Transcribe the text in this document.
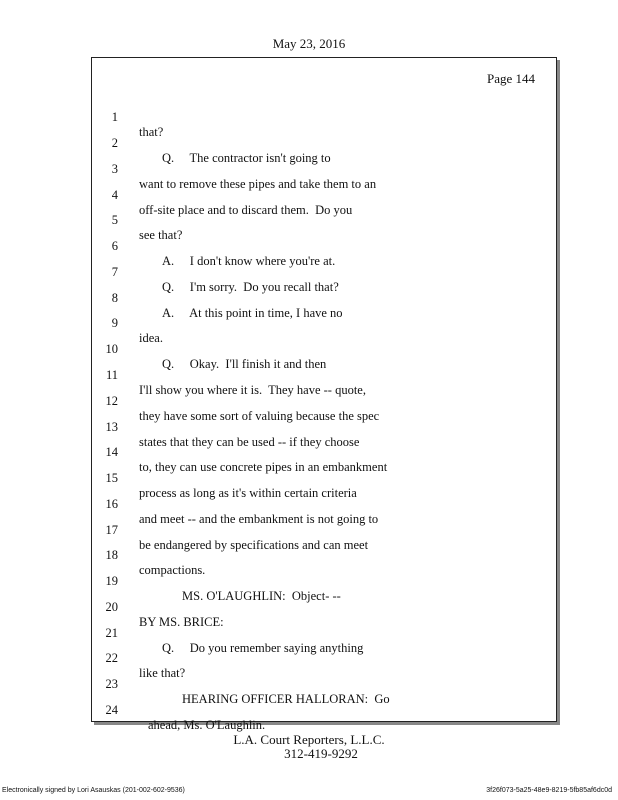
May 23, 2016
Page 144

1

that?

2

Q.     The contractor isn't going to

3

want to remove these pipes and take them to an

4

off-site place and to discard them.  Do you

5

see that?

6

A.     I don't know where you're at.

7

Q.     I'm sorry.  Do you recall that?

8

A.     At this point in time, I have no

9

idea.

10

Q.     Okay.  I'll finish it and then

11

I'll show you where it is.  They have -- quote,

12

they have some sort of valuing because the spec

13

states that they can be used -- if they choose

14

to, they can use concrete pipes in an embankment

15

process as long as it's within certain criteria

16

and meet -- and the embankment is not going to

17

be endangered by specifications and can meet

18

compactions.

19

MS. O'LAUGHLIN:  Object- --

20

BY MS. BRICE:

21

Q.     Do you remember saying anything

22

like that?

23

HEARING OFFICER HALLORAN:  Go

24

ahead, Ms. O'Laughlin.

L.A. Court Reporters, L.L.C.
312-419-9292
Electronically signed by Lori Asauskas (201-002-602-9536)	3f26f073-5a25-48e9-8219-5fb85af6dc0d
